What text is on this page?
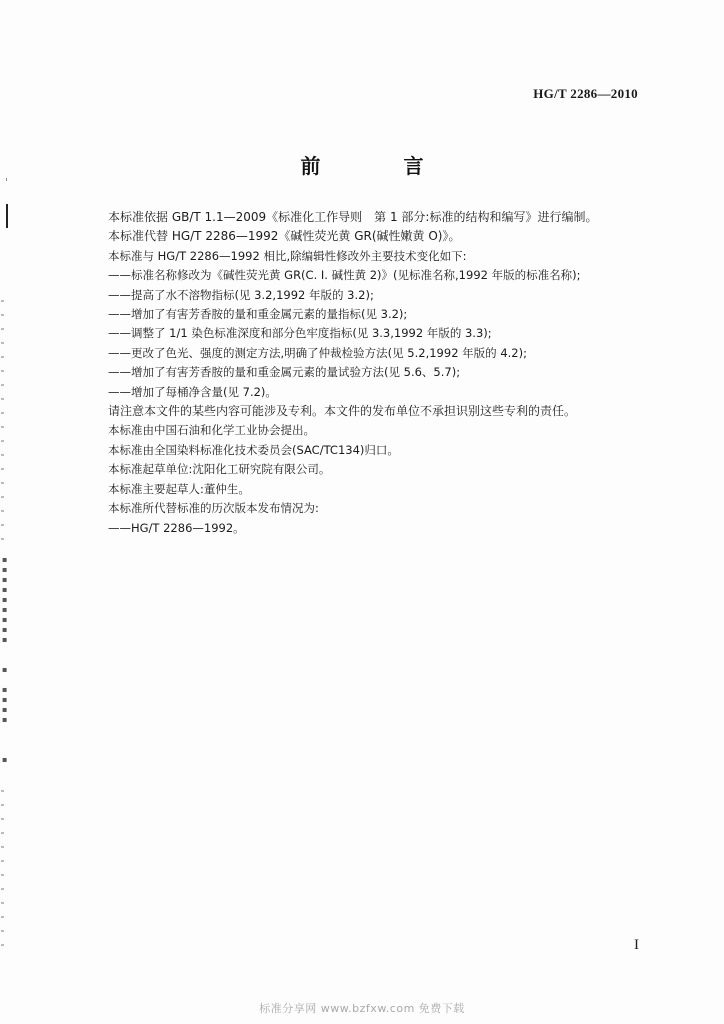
▪
▪
▪
▪
▪
▪
▪
▪
▪

▪

▪
▪
▪
▪

▪
HG/T 2286—2010
前 言
本标准依据 GB/T 1.1—2009《标准化工作导则　第 1 部分:标准的结构和编写》进行编制。
本标准代替 HG/T 2286—1992《碱性荧光黄 GR(碱性嫩黄 O)》。
本标准与 HG/T 2286—1992 相比,除编辑性修改外主要技术变化如下:
——标准名称修改为《碱性荧光黄 GR(C. I. 碱性黄 2)》(见标准名称,1992 年版的标准名称);
——提高了水不溶物指标(见 3.2,1992 年版的 3.2);
——增加了有害芳香胺的量和重金属元素的量指标(见 3.2);
——调整了 1/1 染色标准深度和部分色牢度指标(见 3.3,1992 年版的 3.3);
——更改了色光、强度的测定方法,明确了仲裁检验方法(见 5.2,1992 年版的 4.2);
——增加了有害芳香胺的量和重金属元素的量试验方法(见 5.6、5.7);
——增加了每桶净含量(见 7.2)。
请注意本文件的某些内容可能涉及专利。本文件的发布单位不承担识别这些专利的责任。
本标准由中国石油和化学工业协会提出。
本标准由全国染料标准化技术委员会(SAC/TC134)归口。
本标准起草单位:沈阳化工研究院有限公司。
本标准主要起草人:董仲生。
本标准所代替标准的历次版本发布情况为:
——HG/T 2286—1992。
I
标准分享网 www.bzfxw.com 免费下载
